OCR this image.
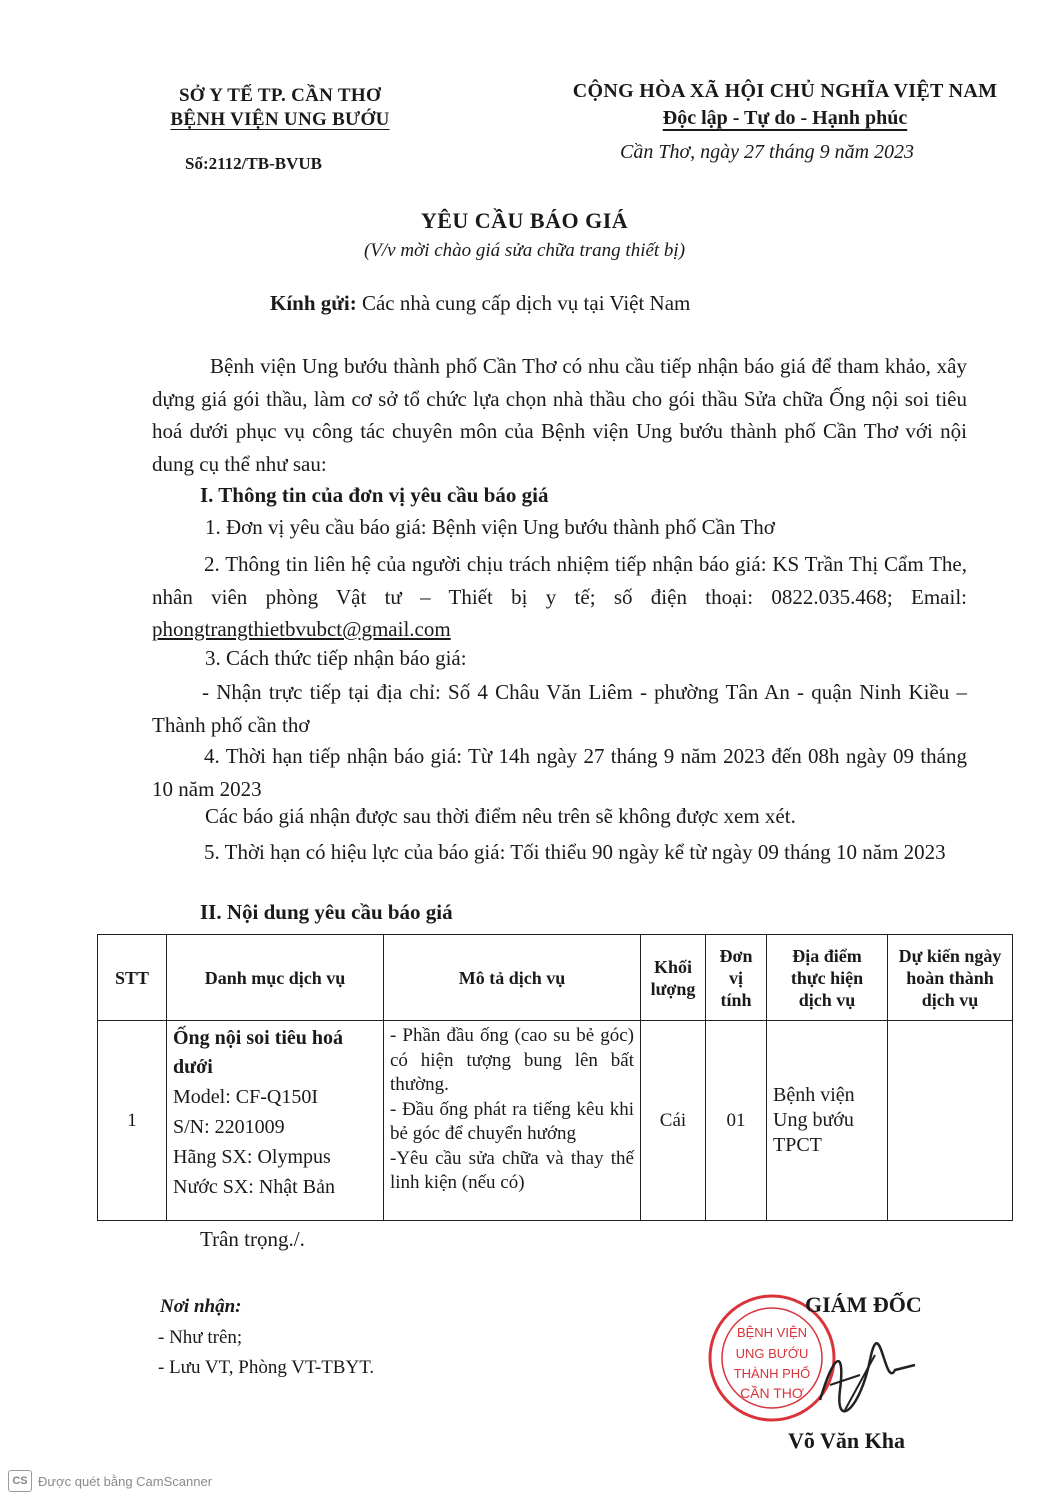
SỞ Y TẾ TP. CẦN THƠ
BỆNH VIỆN UNG BƯỚU
Số:2112/TB-BVUB
CỘNG HÒA XÃ HỘI CHỦ NGHĨA VIỆT NAM
Độc lập - Tự do - Hạnh phúc
Cần Thơ, ngày 27 tháng 9 năm 2023
YÊU CẦU BÁO GIÁ
(V/v mời chào giá sửa chữa trang thiết bị)
Kính gửi: Các nhà cung cấp dịch vụ tại Việt Nam
Bệnh viện Ung bướu thành phố Cần Thơ có nhu cầu tiếp nhận báo giá để tham khảo, xây dựng giá gói thầu, làm cơ sở tổ chức lựa chọn nhà thầu cho gói thầu Sửa chữa Ống nội soi tiêu hoá dưới phục vụ công tác chuyên môn của Bệnh viện Ung bướu thành phố Cần Thơ với nội dung cụ thể như sau:
I. Thông tin của đơn vị yêu cầu báo giá
1. Đơn vị yêu cầu báo giá: Bệnh viện Ung bướu thành phố Cần Thơ
2. Thông tin liên hệ của người chịu trách nhiệm tiếp nhận báo giá: KS Trần Thị Cẩm The, nhân viên phòng Vật tư – Thiết bị y tế; số điện thoại: 0822.035.468; Email: phongtrangthietbvubct@gmail.com
3. Cách thức tiếp nhận báo giá:
- Nhận trực tiếp tại địa chỉ: Số 4 Châu Văn Liêm - phường Tân An - quận Ninh Kiều – Thành phố cần thơ
4. Thời hạn tiếp nhận báo giá: Từ 14h ngày 27 tháng 9 năm 2023 đến 08h ngày 09 tháng 10 năm 2023
Các báo giá nhận được sau thời điểm nêu trên sẽ không được xem xét.
5. Thời hạn có hiệu lực của báo giá: Tối thiểu 90 ngày kể từ ngày 09 tháng 10 năm 2023
II. Nội dung yêu cầu báo giá
STT	Danh mục dịch vụ	Mô tả dịch vụ	Khối lượng	Đơn vị tính	Địa điểm thực hiện dịch vụ	Dự kiến ngày hoàn thành dịch vụ
1	Ống nội soi tiêu hoá dưới
Model: CF-Q150I
S/N: 2201009
Hãng SX: Olympus
Nước SX: Nhật Bản	- Phần đầu ống (cao su bẻ góc) có hiện tượng bung lên bất thường.
- Đầu ống phát ra tiếng kêu khi bẻ góc để chuyển hướng
-Yêu cầu sửa chữa và thay thế linh kiện (nếu có)	Cái	01	Bệnh viện Ung bướu TPCT	
Trân trọng./.
Nơi nhận:
- Như trên;
- Lưu VT, Phòng VT-TBYT.
BỆNH VIỆN
UNG BƯỚU
THÀNH PHỐ
CẦN THƠ
GIÁM ĐỐC
Võ Văn Kha
CS Được quét bằng CamScanner
